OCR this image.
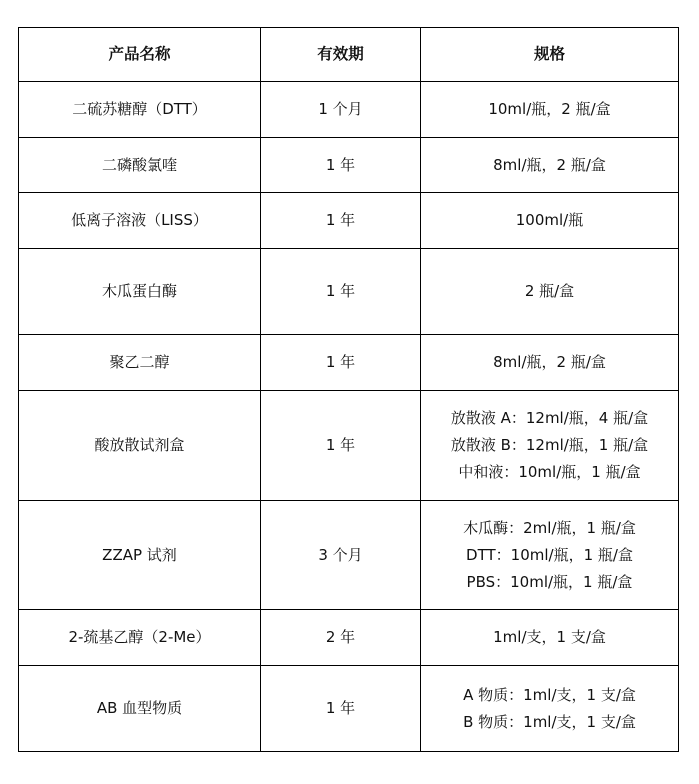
产品名称	有效期	规格
二硫苏糖醇（DTT）	1 个月	10ml/瓶，2 瓶/盒

二磷酸氯喹	1 年	8ml/瓶，2 瓶/盒

低离子溶液（LISS）	1 年	100ml/瓶

木瓜蛋白酶	1 年	2 瓶/盒

聚乙二醇	1 年	8ml/瓶，2 瓶/盒

酸放散试剂盒	1 年	放散液 A：12ml/瓶，4 瓶/盒
放散液 B：12ml/瓶，1 瓶/盒
中和液：10ml/瓶，1 瓶/盒

ZZAP 试剂	3 个月	木瓜酶：2ml/瓶，1 瓶/盒
DTT：10ml/瓶，1 瓶/盒
PBS：10ml/瓶，1 瓶/盒

2-巯基乙醇（2-Me）	2 年	1ml/支，1 支/盒

AB 血型物质	1 年	A 物质：1ml/支，1 支/盒
B 物质：1ml/支，1 支/盒
